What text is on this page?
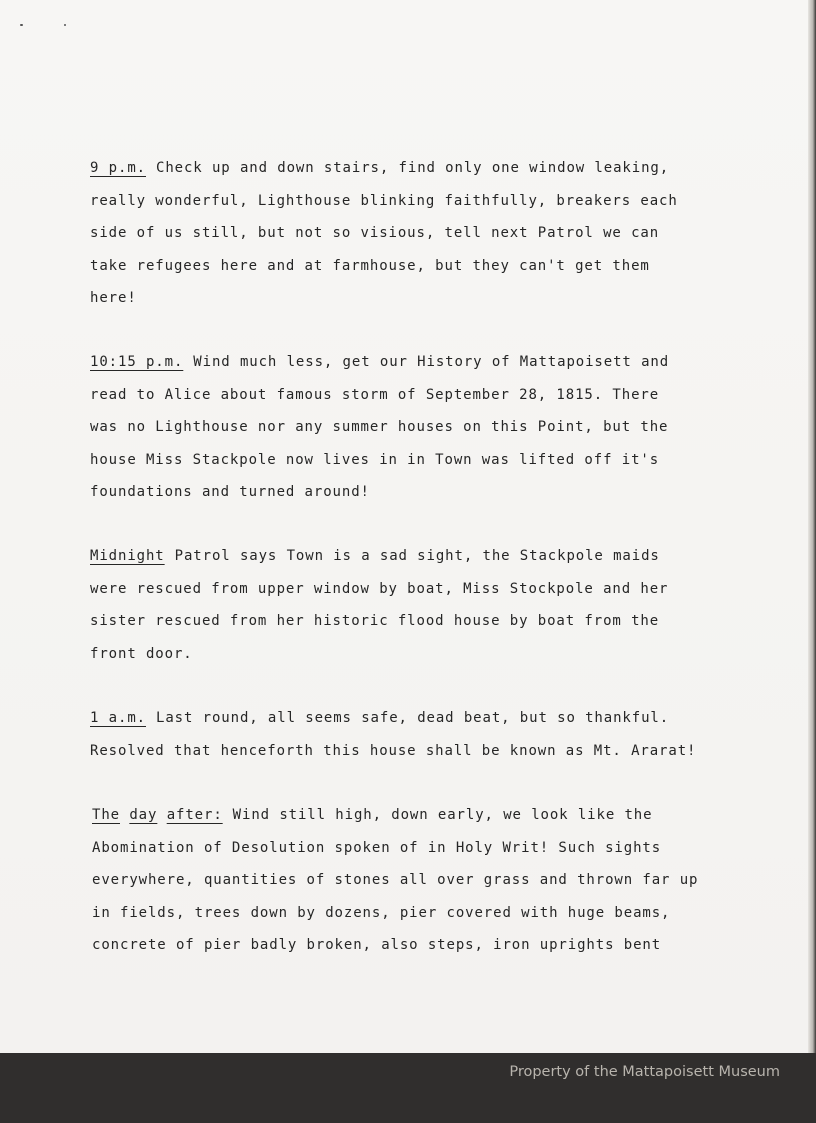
9 p.m. Check up and down stairs, find only one window leaking,
really wonderful, Lighthouse blinking faithfully, breakers each
side of us still, but not so visious, tell next Patrol we can
take refugees here and at farmhouse, but they can't get them
here!
10:15 p.m. Wind much less, get our History of Mattapoisett and
read to Alice about famous storm of September 28, 1815. There
was no Lighthouse nor any summer houses on this Point, but the
house Miss Stackpole now lives in in Town was lifted off it's
foundations and turned around!
Midnight Patrol says Town is a sad sight, the Stackpole maids
were rescued from upper window by boat, Miss Stockpole and her
sister rescued from her historic flood house by boat from the
front door.
1 a.m. Last round, all seems safe, dead beat, but so thankful.
Resolved that henceforth this house shall be known as Mt. Ararat!
The day after: Wind still high, down early, we look like the
Abomination of Desolution spoken of in Holy Writ! Such sights
everywhere, quantities of stones all over grass and thrown far up
in fields, trees down by dozens, pier covered with huge beams,
concrete of pier badly broken, also steps, iron uprights bent
Property of the Mattapoisett Museum
